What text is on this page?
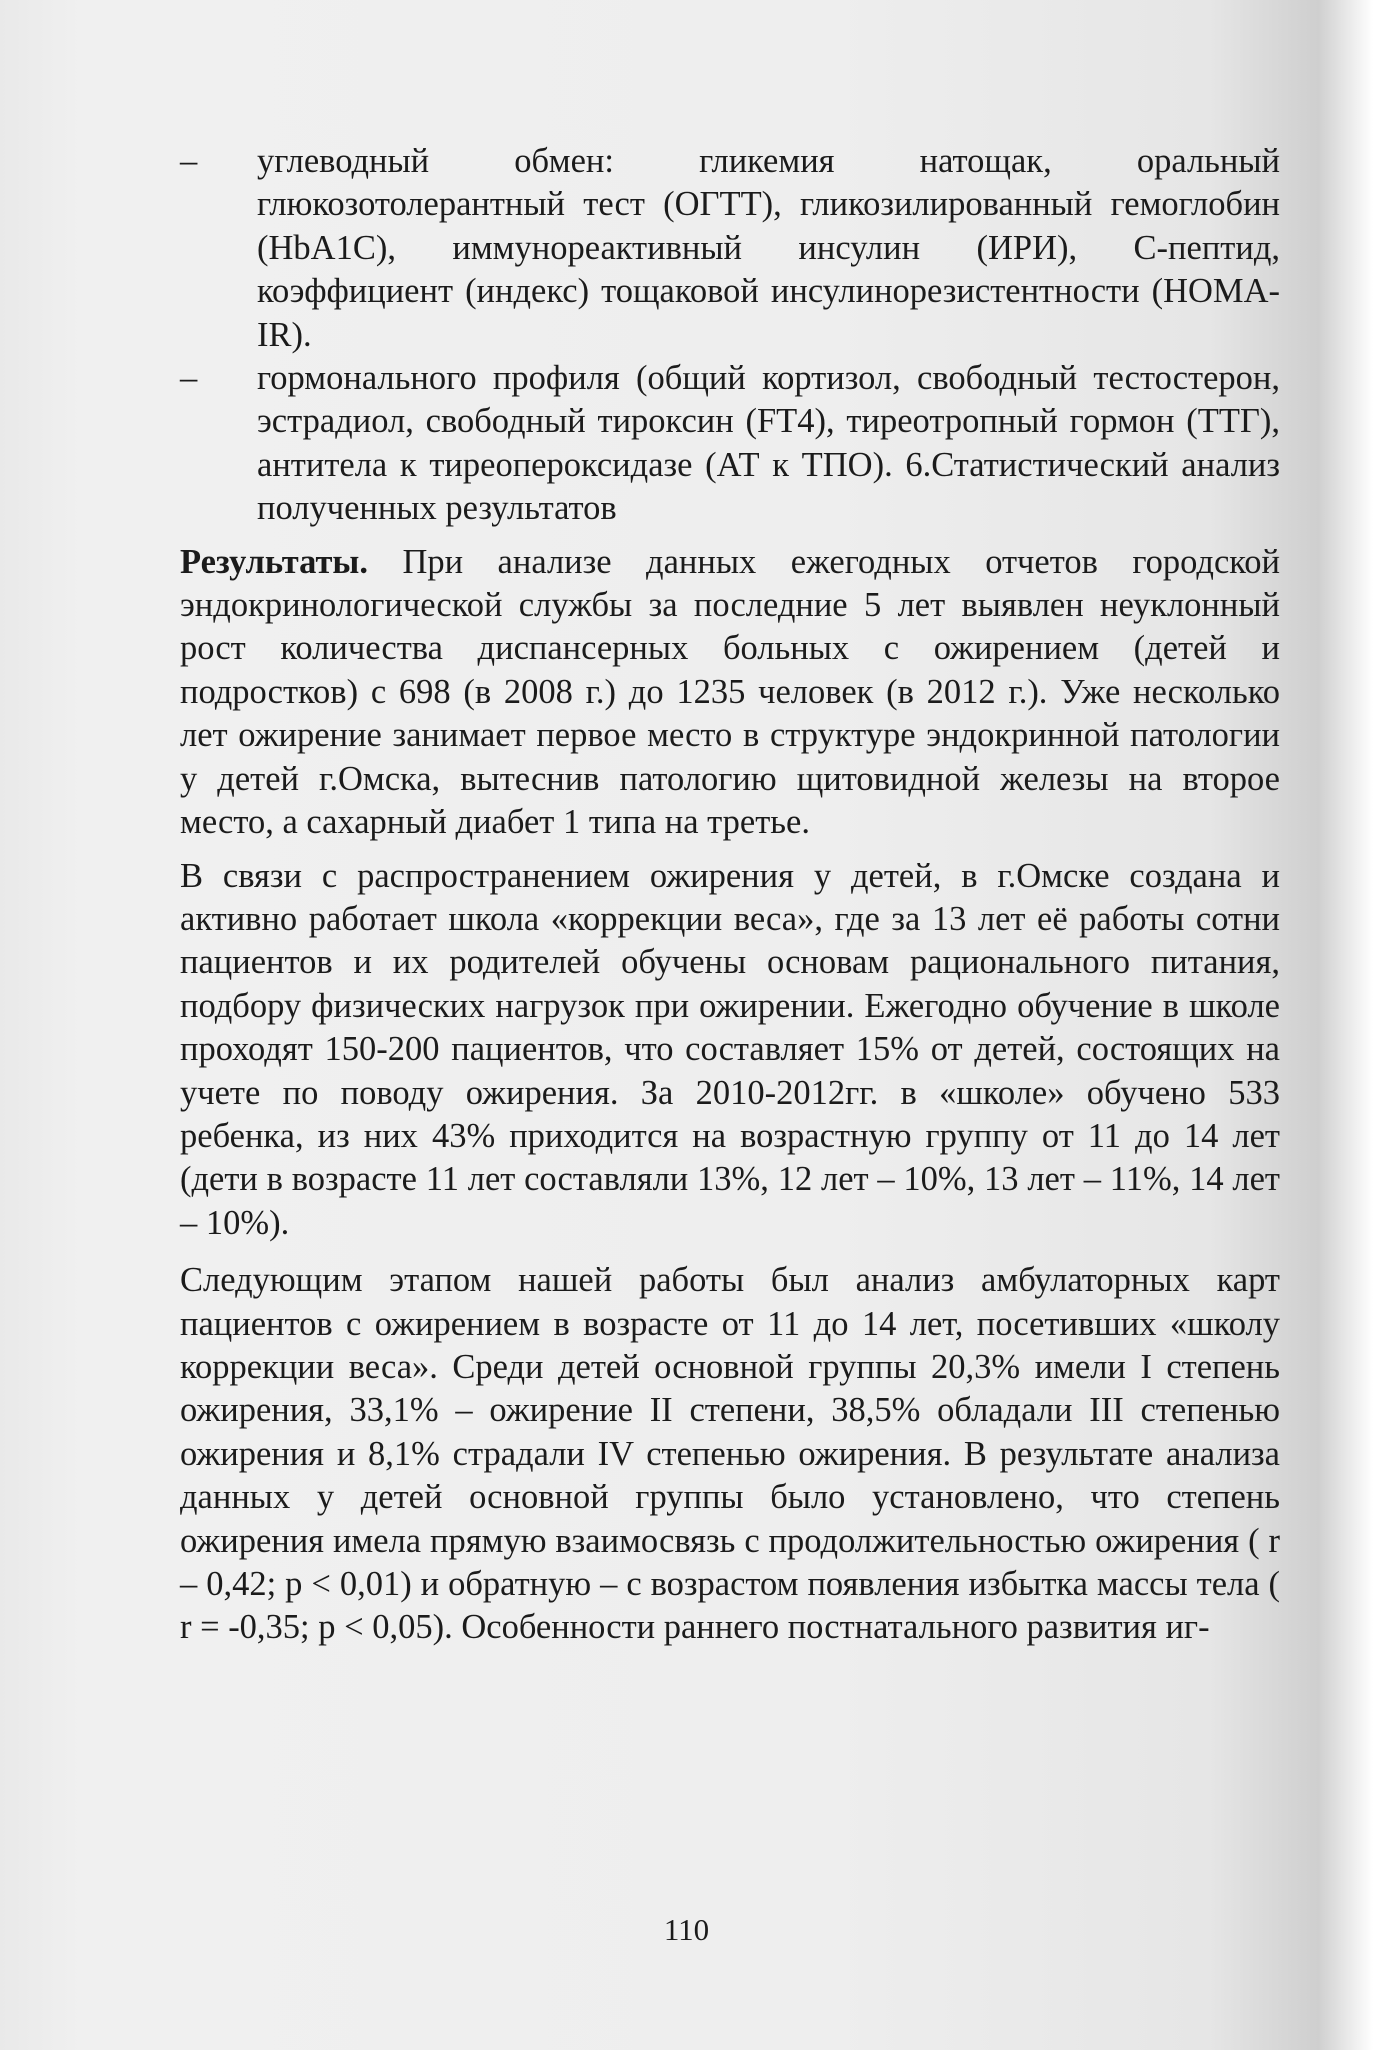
– углеводный обмен: гликемия натощак, оральный глюкозотолерантный тест (ОГТТ), гликозилированный гемоглобин (HbA1C), иммунореактивный инсулин (ИРИ), С-пептид, коэффициент (индекс) тощаковой инсулинорезистентности (HOMA-IR).
– гормонального профиля (общий кортизол, свободный тестостерон, эстрадиол, свободный тироксин (FT4), тиреотропный гормон (ТТГ), антитела к тиреопероксидазе (АТ к ТПО). 6.Статистический анализ полученных результатов

Результаты. При анализе данных ежегодных отчетов городской эндокринологической службы за последние 5 лет выявлен неуклонный рост количества диспансерных больных с ожирением (детей и подростков) с 698 (в 2008 г.) до 1235 человек (в 2012 г.). Уже несколько лет ожирение занимает первое место в структуре эндокринной патологии у детей г.Омска, вытеснив патологию щитовидной железы на второе место, а сахарный диабет 1 типа на третье.

В связи с распространением ожирения у детей, в г.Омске создана и активно работает школа «коррекции веса», где за 13 лет её работы сотни пациентов и их родителей обучены основам рационального питания, подбору физических нагрузок при ожирении. Ежегодно обучение в школе проходят 150-200 пациентов, что составляет 15% от детей, состоящих на учете по поводу ожирения. За 2010-2012гг. в «школе» обучено 533 ребенка, из них 43% приходится на возрастную группу от 11 до 14 лет (дети в возрасте 11 лет составляли 13%, 12 лет – 10%, 13 лет – 11%, 14 лет – 10%).

Следующим этапом нашей работы был анализ амбулаторных карт пациентов с ожирением в возрасте от 11 до 14 лет, посетивших «школу коррекции веса». Среди детей основной группы 20,3% имели I степень ожирения, 33,1% – ожирение II степени, 38,5% обладали III степенью ожирения и 8,1% страдали IV степенью ожирения. В результате анализа данных у детей основной группы было установлено, что степень ожирения имела прямую взаимосвязь с продолжительностью ожирения ( r – 0,42; p < 0,01) и обратную – с возрастом появления избытка массы тела ( r = -0,35; p < 0,05). Особенности раннего постнатального развития иг-

110
